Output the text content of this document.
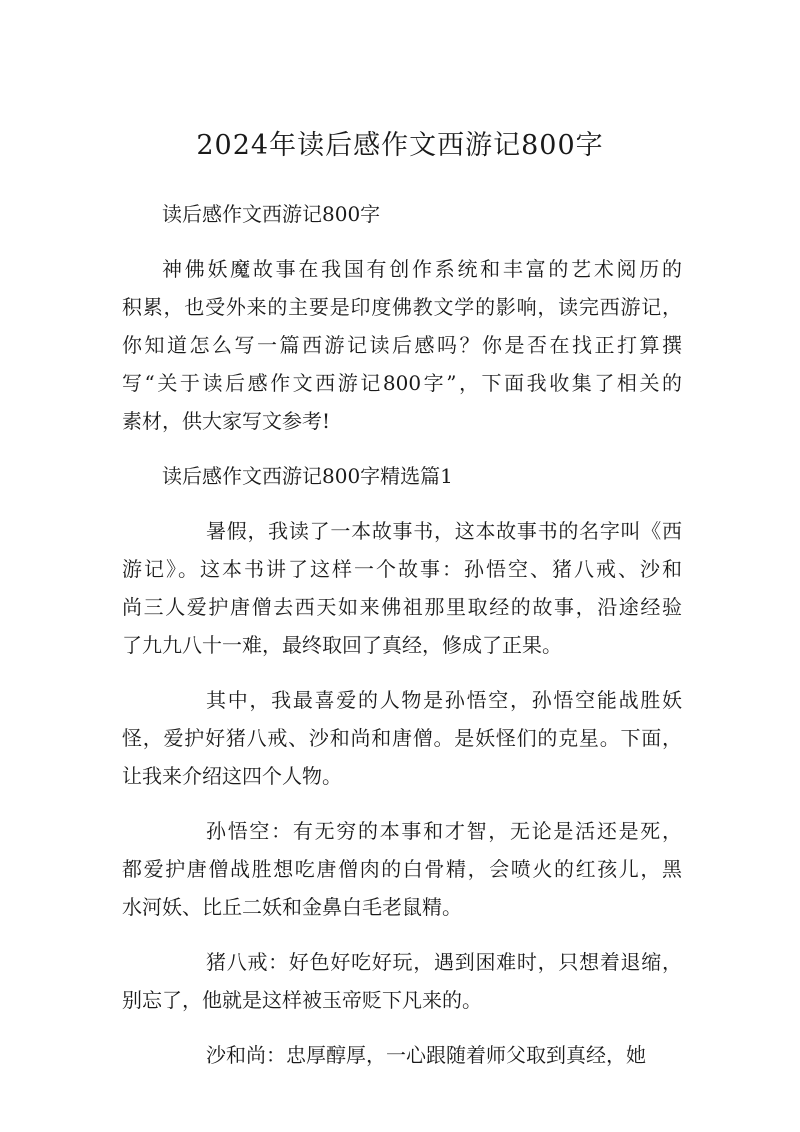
2024年读后感作文西游记800字
读后感作文西游记800字
神佛妖魔故事在我国有创作系统和丰富的艺术阅历的
积累，也受外来的主要是印度佛教文学的影响，读完西游记，
你知道怎么写一篇西游记读后感吗？你是否在找正打算撰
写“关于读后感作文西游记800字”，下面我收集了相关的
素材，供大家写文参考!
读后感作文西游记800字精选篇1
暑假，我读了一本故事书，这本故事书的名字叫《西
游记》。这本书讲了这样一个故事：孙悟空、猪八戒、沙和
尚三人爱护唐僧去西天如来佛祖那里取经的故事，沿途经验
了九九八十一难，最终取回了真经，修成了正果。
其中，我最喜爱的人物是孙悟空，孙悟空能战胜妖
怪，爱护好猪八戒、沙和尚和唐僧。是妖怪们的克星。下面，
让我来介绍这四个人物。
孙悟空：有无穷的本事和才智，无论是活还是死，
都爱护唐僧战胜想吃唐僧肉的白骨精，会喷火的红孩儿，黑
水河妖、比丘二妖和金鼻白毛老鼠精。
猪八戒：好色好吃好玩，遇到困难时，只想着退缩，
别忘了，他就是这样被玉帝贬下凡来的。
沙和尚：忠厚醇厚，一心跟随着师父取到真经，她
